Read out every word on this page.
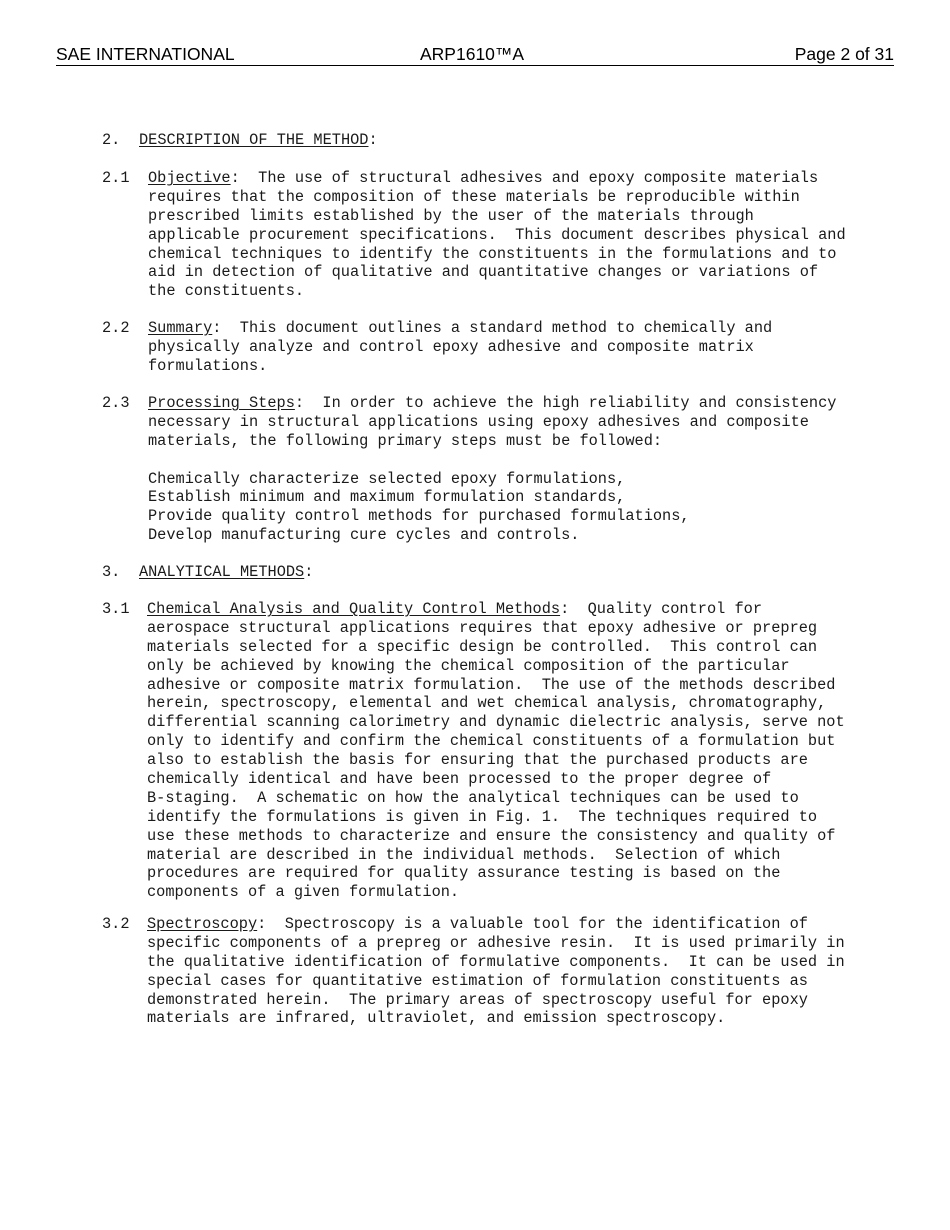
SAE INTERNATIONAL	ARP1610™A	Page 2 of 31
2. DESCRIPTION OF THE METHOD:
2.1 Objective:  The use of structural adhesives and epoxy composite materials
requires that the composition of these materials be reproducible within
prescribed limits established by the user of the materials through
applicable procurement specifications.  This document describes physical and
chemical techniques to identify the constituents in the formulations and to
aid in detection of qualitative and quantitative changes or variations of
the constituents.
2.2 Summary:  This document outlines a standard method to chemically and
physically analyze and control epoxy adhesive and composite matrix
formulations.
2.3 Processing Steps:  In order to achieve the high reliability and consistency
necessary in structural applications using epoxy adhesives and composite
materials, the following primary steps must be followed:
Chemically characterize selected epoxy formulations,
Establish minimum and maximum formulation standards,
Provide quality control methods for purchased formulations,
Develop manufacturing cure cycles and controls.
3. ANALYTICAL METHODS:
3.1 Chemical Analysis and Quality Control Methods:  Quality control for
aerospace structural applications requires that epoxy adhesive or prepreg
materials selected for a specific design be controlled.  This control can
only be achieved by knowing the chemical composition of the particular
adhesive or composite matrix formulation.  The use of the methods described
herein, spectroscopy, elemental and wet chemical analysis, chromatography,
differential scanning calorimetry and dynamic dielectric analysis, serve not
only to identify and confirm the chemical constituents of a formulation but
also to establish the basis for ensuring that the purchased products are
chemically identical and have been processed to the proper degree of
B-staging.  A schematic on how the analytical techniques can be used to
identify the formulations is given in Fig. 1.  The techniques required to
use these methods to characterize and ensure the consistency and quality of
material are described in the individual methods.  Selection of which
procedures are required for quality assurance testing is based on the
components of a given formulation.
3.2 Spectroscopy:  Spectroscopy is a valuable tool for the identification of
specific components of a prepreg or adhesive resin.  It is used primarily in
the qualitative identification of formulative components.  It can be used in
special cases for quantitative estimation of formulation constituents as
demonstrated herein.  The primary areas of spectroscopy useful for epoxy
materials are infrared, ultraviolet, and emission spectroscopy.
